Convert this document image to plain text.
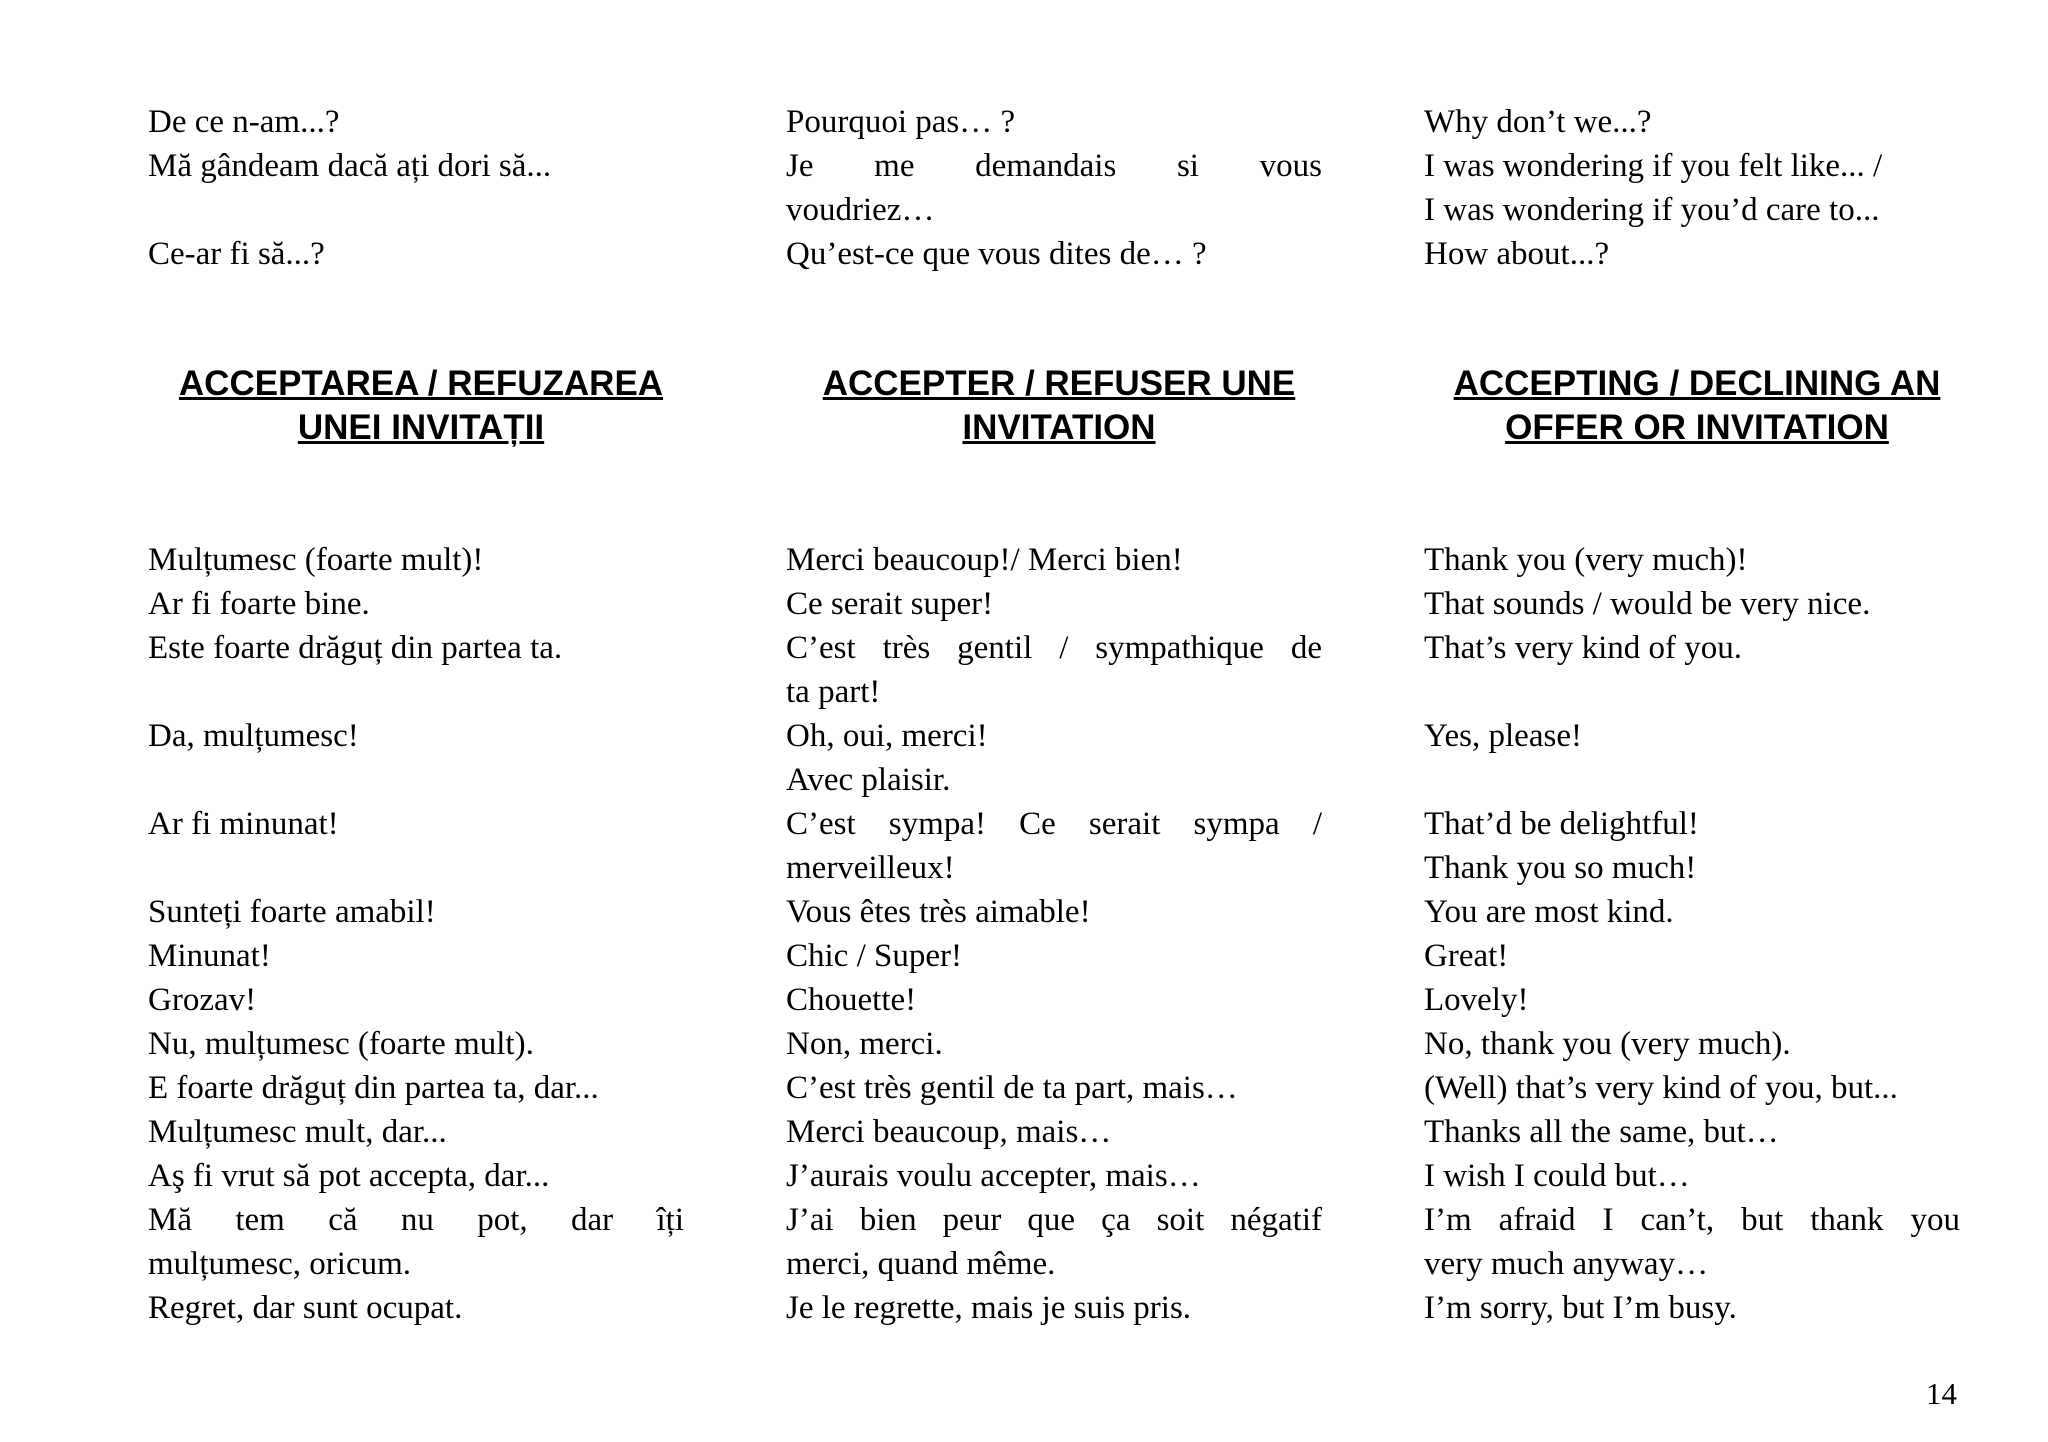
De ce n-am...?
Mă gândeam dacă ați dori să...
Ce-ar fi să...?
Pourquoi pas… ?
Je me demandais si vous
voudriez…
Qu’est-ce que vous dites de… ?
Why don’t we...?
I was wondering if you felt like... /
I was wondering if you’d care to...
How about...?
ACCEPTAREA / REFUZAREA
UNEI INVITAȚII
ACCEPTER / REFUSER UNE
INVITATION
ACCEPTING / DECLINING AN
OFFER OR INVITATION
Mulțumesc (foarte mult)!
Ar fi foarte bine.
Este foarte drăguț din partea ta.
Da, mulțumesc!
Ar fi minunat!
Sunteți foarte amabil!
Minunat!
Grozav!
Nu, mulțumesc (foarte mult).
E foarte drăguț din partea ta, dar...
Mulțumesc mult, dar...
Aş fi vrut să pot accepta, dar...
Mă tem că nu pot, dar îți
mulțumesc, oricum.
Regret, dar sunt ocupat.
Merci beaucoup!/ Merci bien!
Ce serait super!
C’est très gentil / sympathique de
ta part!
Oh, oui, merci!
Avec plaisir.
C’est sympa! Ce serait sympa /
merveilleux!
Vous êtes très aimable!
Chic / Super!
Chouette!
Non, merci.
C’est très gentil de ta part, mais…
Merci beaucoup, mais…
J’aurais voulu accepter, mais…
J’ai bien peur que ça soit négatif
merci, quand même.
Je le regrette, mais je suis pris.
Thank you (very much)!
That sounds / would be very nice.
That’s very kind of you.
Yes, please!
That’d be delightful!
Thank you so much!
You are most kind.
Great!
Lovely!
No, thank you (very much).
(Well) that’s very kind of you, but...
Thanks all the same, but…
I wish I could but…
I’m afraid I can’t, but thank you
very much anyway…
I’m sorry, but I’m busy.
14
